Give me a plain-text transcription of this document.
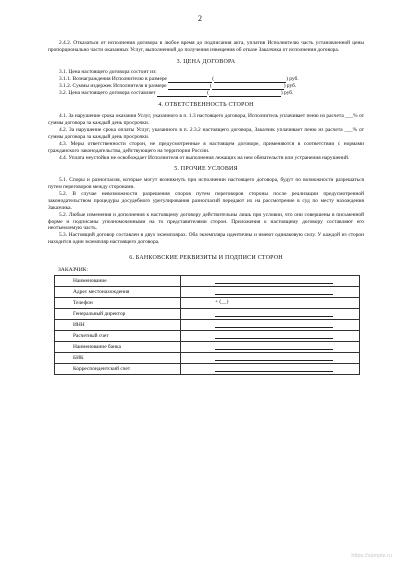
2

2.4.2. Отказаться от исполнения договора в любое время до подписания акта, уплатив Исполнителю часть установленной цены пропорционально части оказанных Услуг, выполненной до получения извещения об отказе Заказчика от исполнения договора.

3. ЦЕНА ДОГОВОРА

3.1. Цена настоящего договора состоит из:

3.1.1. Вознаграждения Исполнителю в размере	(	) руб.
3.1.2. Суммы издержек Исполнителя в размере	(	) руб.
3.2. Цена настоящего договора составляет	(	) руб.
4. ОТВЕТСТВЕННОСТЬ СТОРОН

4.1. За нарушение срока оказания Услуг, указанного в п. 1.3 настоящего договора, Исполнитель уплачивает пеню из расчета ___% от суммы договора за каждый день просрочки.

4.2. За нарушение срока оплаты Услуг, указанного в п. 2.3.2 настоящего договора, Заказчик уплачивает пеню из расчета ___% от суммы договора за каждый день просрочки.

4.3. Меры ответственности сторон, не предусмотренные в настоящем договоре, применяются в соответствии с нормами гражданского законодательства, действующего на территории России.

4.4. Уплата неустойки не освобождает Исполнителя от выполнения лежащих на нем обязательств или устранения нарушений.

5. ПРОЧИЕ УСЛОВИЯ

5.1. Споры и разногласия, которые могут возникнуть при исполнении настоящего договора, будут по возможности разрешаться путем переговоров между сторонами.

5.2. В случае невозможности разрешения споров путем переговоров стороны после реализации предусмотренной законодательством процедуры досудебного урегулирования разногласий передают их на рассмотрение в суд по месту нахождения Заказчика.

5.2. Любые изменения и дополнения к настоящему договору действительны лишь при условии, что они совершены в письменной форме и подписаны уполномоченными на то представителями сторон. Приложения к настоящему договору составляют его неотъемлемую часть.

5.3. Настоящий договор составлен в двух экземплярах. Оба экземпляра идентичны и имеют одинаковую силу. У каждой из сторон находится один экземпляр настоящего договора.

6. БАНКОВСКИЕ РЕКВИЗИТЫ И ПОДПИСИ СТОРОН
ЗАКАЗЧИК:
Наименование	

Адрес местонахождения	

Телефон	+ (__)

Генеральный директор	

ИНН	

Расчетный счет	

Наименование банка	

БИК	

Корреспондентский счет	
https://sample.ru
